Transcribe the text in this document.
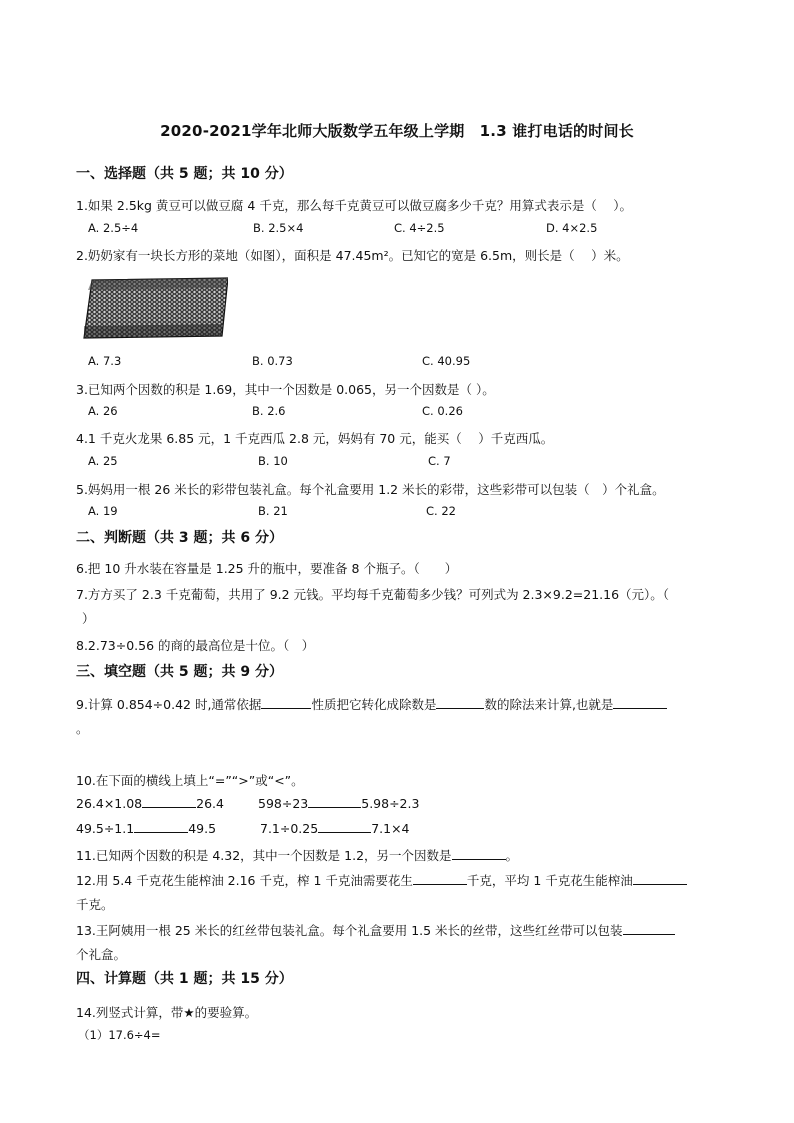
2020-2021学年北师大版数学五年级上学期　1.3 谁打电话的时间长
一、选择题（共 5 题；共 10 分）
1.如果 2.5kg 黄豆可以做豆腐 4 千克，那么每千克黄豆可以做豆腐多少千克？用算式表示是（　 ）。
A. 2.5÷4	B. 2.5×4	C. 4÷2.5	D. 4×2.5
2.奶奶家有一块长方形的菜地（如图），面积是 47.45m²。已知它的宽是 6.5m，则长是（　 ）米。
A. 7.3	B. 0.73	C. 40.95
3.已知两个因数的积是 1.69，其中一个因数是 0.065，另一个因数是（ ）。
A. 26	B. 2.6	C. 0.26
4.1 千克火龙果 6.85 元，1 千克西瓜 2.8 元，妈妈有 70 元，能买（　 ）千克西瓜。
A. 25	B. 10	C. 7
5.妈妈用一根 26 米长的彩带包装礼盒。每个礼盒要用 1.2 米长的彩带，这些彩带可以包装（　）个礼盒。
A. 19	B. 21	C. 22
二、判断题（共 3 题；共 6 分）
6.把 10 升水装在容量是 1.25 升的瓶中，要准备 8 个瓶子。（　　）
7.方方买了 2.3 千克葡萄，共用了 9.2 元钱。平均每千克葡萄多少钱？可列式为 2.3×9.2=21.16（元）。（
）
8.2.73÷0.56 的商的最高位是十位。（　）
三、填空题（共 5 题；共 9 分）
9.计算 0.854÷0.42 时,通常依据	性质把它转化成除数是	数的除法来计算,也就是
。
10.在下面的横线上填上“=”“>”或“<”。
26.4×1.08	26.4	598÷23	5.98÷2.3
49.5÷1.1	49.5	7.1÷0.25	7.1×4
11.已知两个因数的积是 4.32，其中一个因数是 1.2，另一个因数是	。
12.用 5.4 千克花生能榨油 2.16 千克，榨 1 千克油需要花生	千克，平均 1 千克花生能榨油
千克。
13.王阿姨用一根 25 米长的红丝带包装礼盒。每个礼盒要用 1.5 米长的丝带，这些红丝带可以包装
个礼盒。
四、计算题（共 1 题；共 15 分）
14.列竖式计算，带★的要验算。
（1）17.6÷4=
